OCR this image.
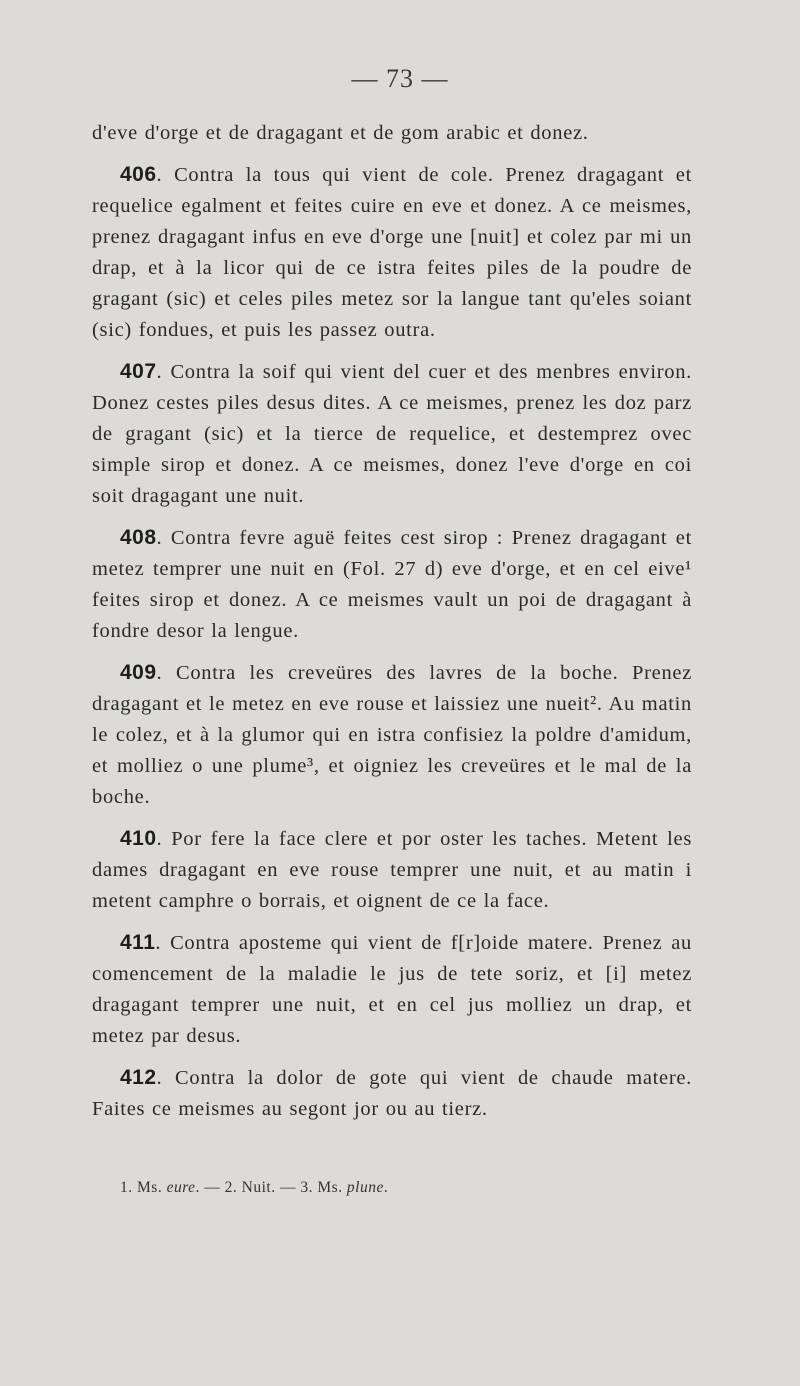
— 73 —

d'eve d'orge et de dragagant et de gom arabic et donez.

406. Contra la tous qui vient de cole. Prenez dragagant et requelice egalment et feites cuire en eve et donez. A ce meismes, prenez dragagant infus en eve d'orge une [nuit] et colez par mi un drap, et à la licor qui de ce istra feites piles de la poudre de gragant (sic) et celes piles metez sor la langue tant qu'eles soiant (sic) fondues, et puis les passez outra.

407. Contra la soif qui vient del cuer et des menbres environ. Donez cestes piles desus dites. A ce meismes, prenez les doz parz de gragant (sic) et la tierce de requelice, et destemprez ovec simple sirop et donez. A ce meismes, donez l'eve d'orge en coi soit dragagant une nuit.

408. Contra fevre aguë feites cest sirop : Prenez dragagant et metez temprer une nuit en (Fol. 27 d) eve d'orge, et en cel eive¹ feites sirop et donez. A ce meismes vault un poi de dragagant à fondre desor la lengue.

409. Contra les creveüres des lavres de la boche. Prenez dragagant et le metez en eve rouse et laissiez une nueit². Au matin le colez, et à la glumor qui en istra confisiez la poldre d'amidum, et molliez o une plume³, et oigniez les creveüres et le mal de la boche.

410. Por fere la face clere et por oster les taches. Metent les dames dragagant en eve rouse temprer une nuit, et au matin i metent camphre o borrais, et oignent de ce la face.

411. Contra aposteme qui vient de f[r]oide matere. Prenez au comencement de la maladie le jus de tete soriz, et [i] metez dragagant temprer une nuit, et en cel jus molliez un drap, et metez par desus.

412. Contra la dolor de gote qui vient de chaude matere. Faites ce meismes au segont jor ou au tierz.

1. Ms. eure. — 2. Nuit. — 3. Ms. plune.
